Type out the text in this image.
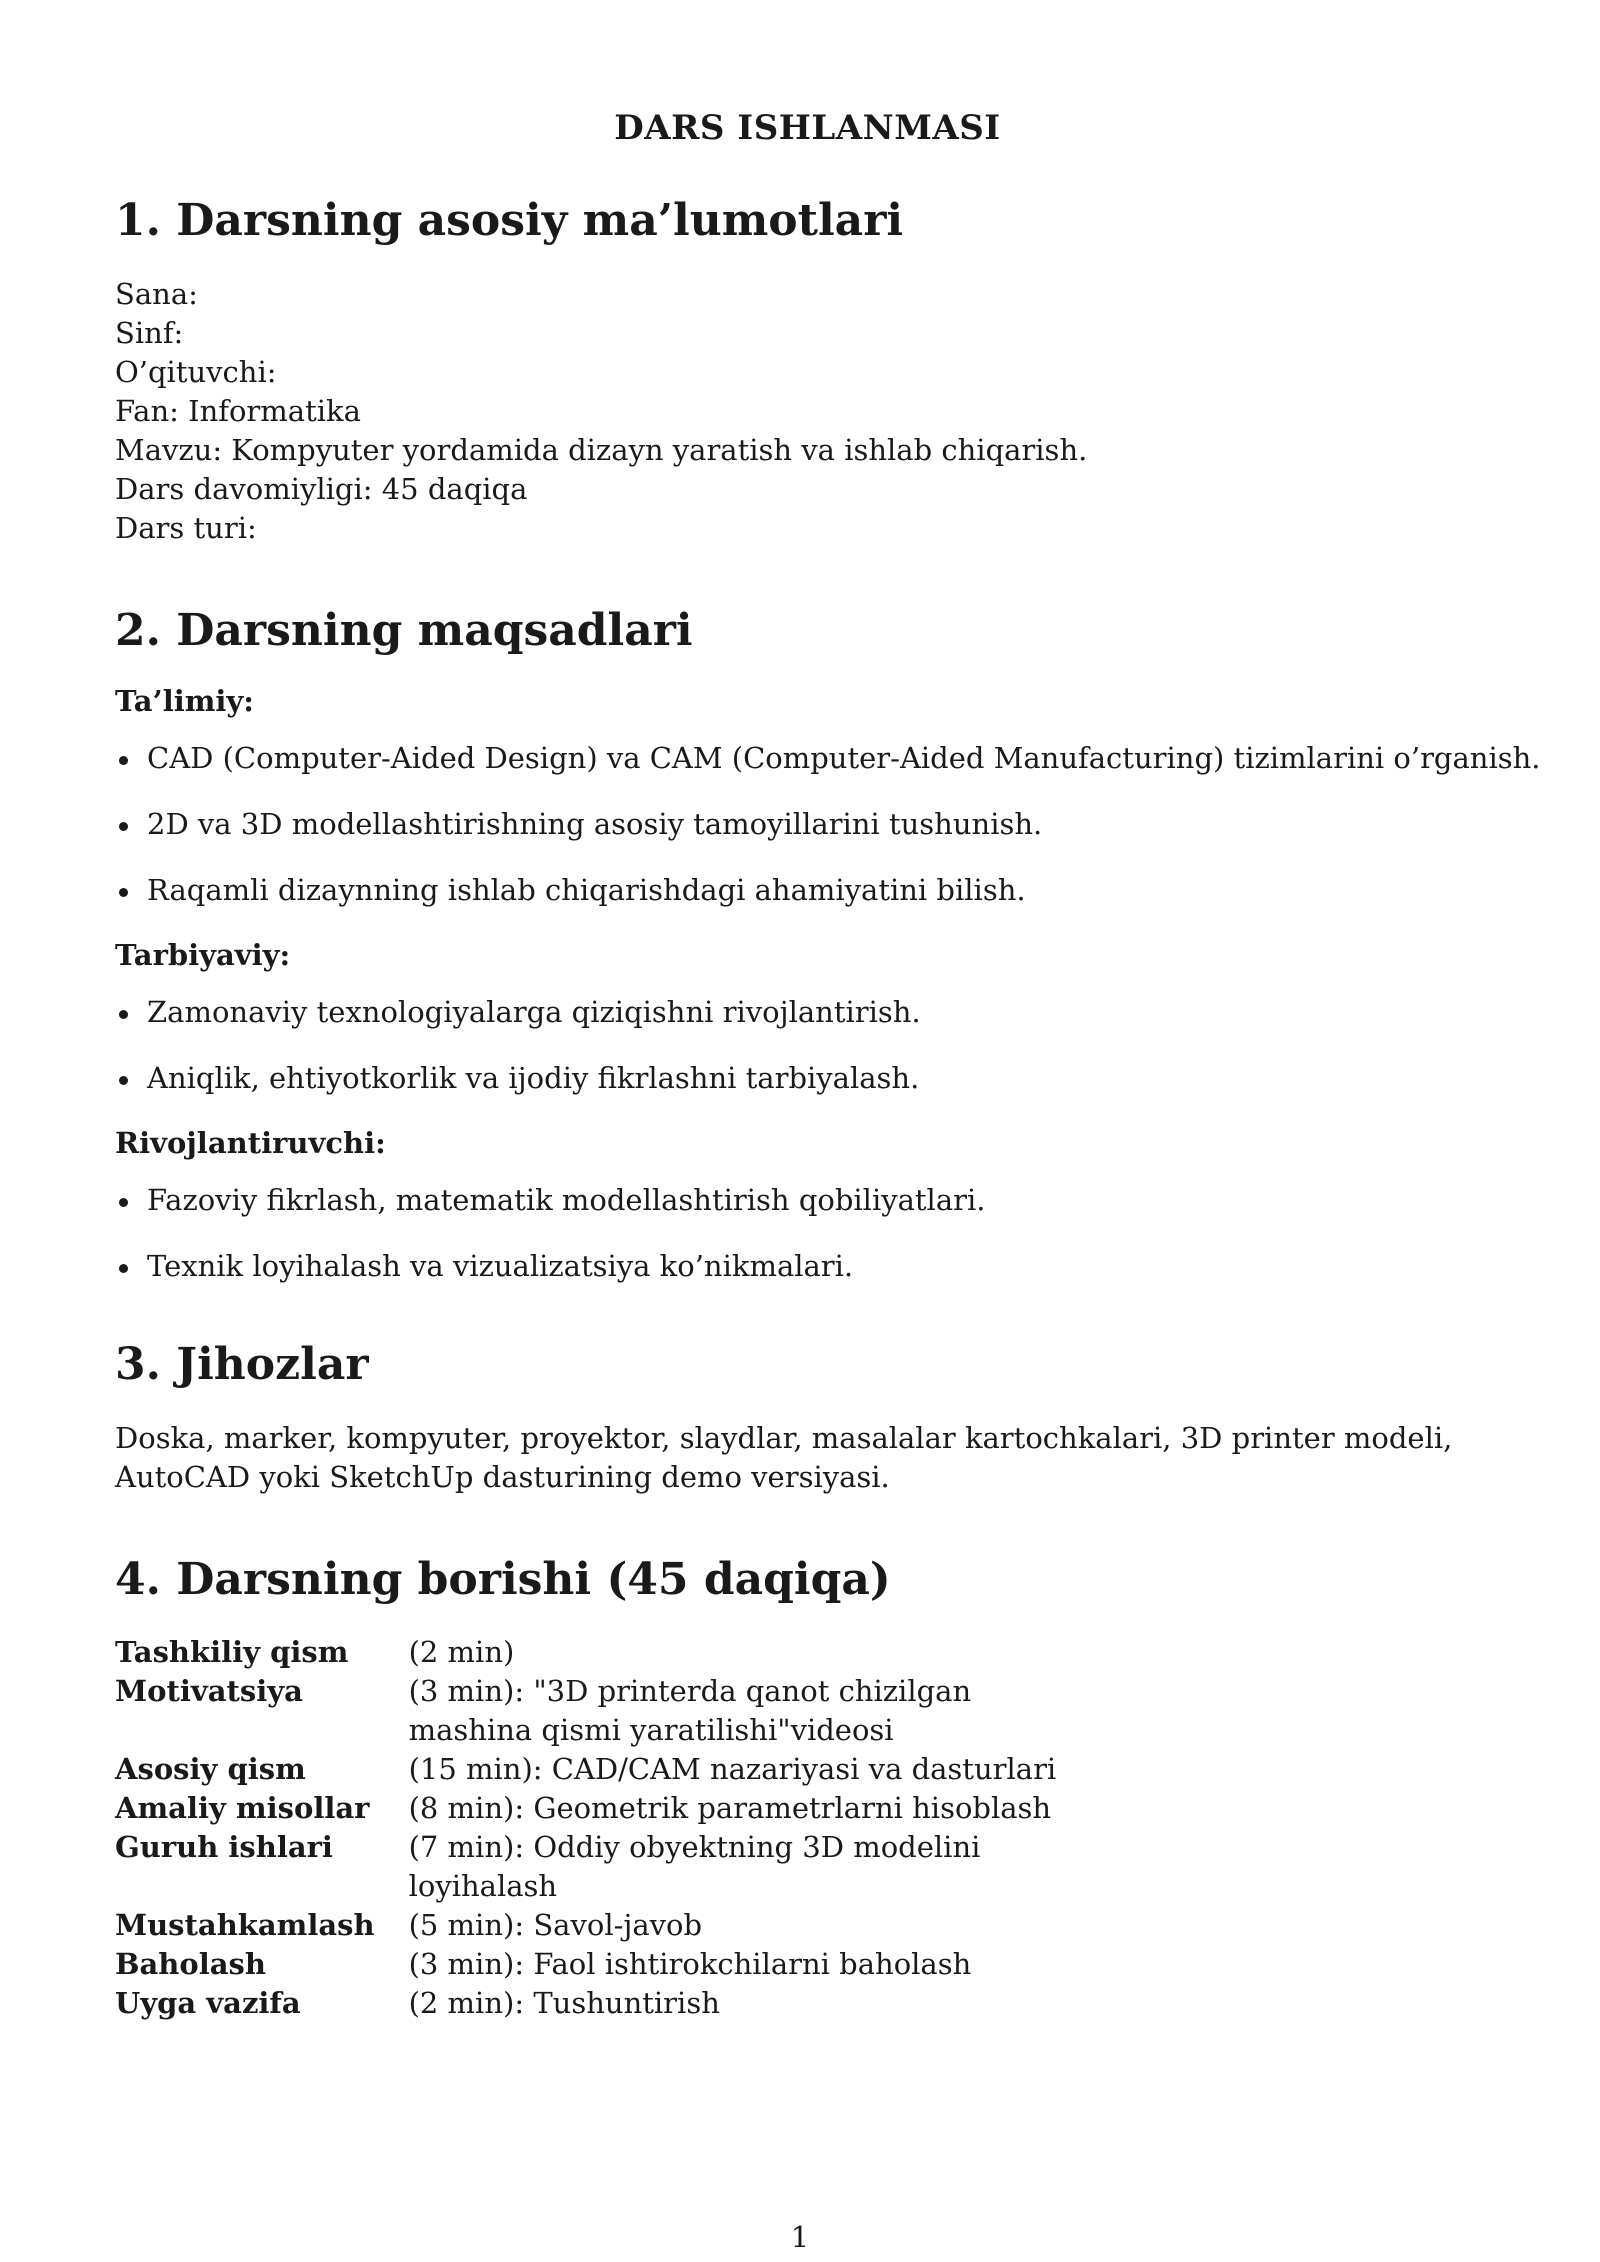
DARS ISHLANMASI
1. Darsning asosiy ma’lumotlari
Sana:
Sinf:
O’qituvchi:
Fan: Informatika
Mavzu: Kompyuter yordamida dizayn yaratish va ishlab chiqarish.
Dars davomiyligi: 45 daqiqa
Dars turi:
2. Darsning maqsadlari
Ta’limiy:
CAD (Computer-Aided Design) va CAM (Computer-Aided Manufacturing) tizimlarini o’rganish.
2D va 3D modellashtirishning asosiy tamoyillarini tushunish.
Raqamli dizaynning ishlab chiqarishdagi ahamiyatini bilish.
Tarbiyaviy:
Zamonaviy texnologiyalarga qiziqishni rivojlantirish.
Aniqlik, ehtiyotkorlik va ijodiy fikrlashni tarbiyalash.
Rivojlantiruvchi:
Fazoviy fikrlash, matematik modellashtirish qobiliyatlari.
Texnik loyihalash va vizualizatsiya ko’nikmalari.
3. Jihozlar

Doska, marker, kompyuter, proyektor, slaydlar, masalalar kartochkalari, 3D printer modeli, AutoCAD yoki SketchUp dasturining demo versiyasi.

4. Darsning borishi (45 daqiqa)
Tashkiliy qism	(2 min)
Motivatsiya	(3 min): "3D printerda qanot chizilgan mashina qismi yaratilishi"videosi
Asosiy qism	(15 min): CAD/CAM nazariyasi va dasturlari
Amaliy misollar	(8 min): Geometrik parametrlarni hisoblash
Guruh ishlari	(7 min): Oddiy obyektning 3D modelini loyihalash
Mustahkamlash	(5 min): Savol-javob
Baholash	(3 min): Faol ishtirokchilarni baholash
Uyga vazifa	(2 min): Tushuntirish
1
